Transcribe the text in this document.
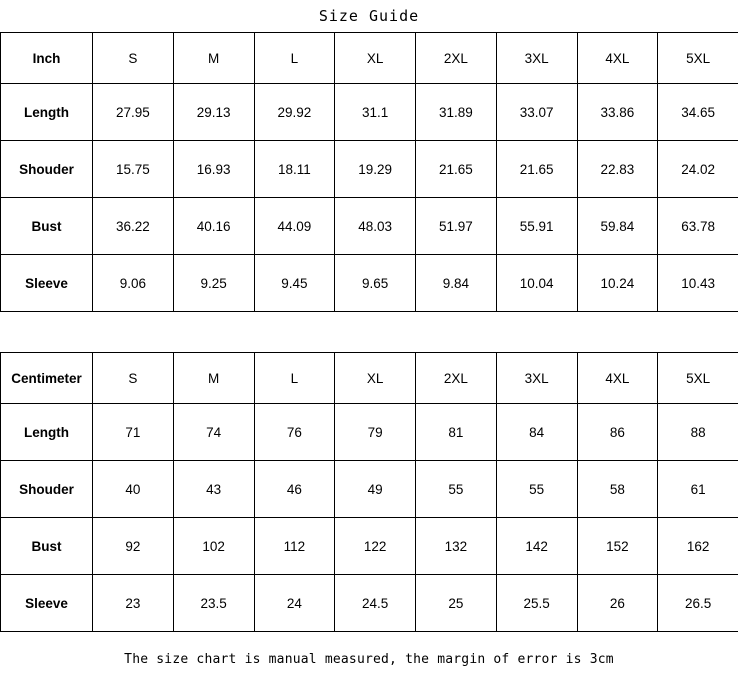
Size Guide
Inch	S	M	L	XL	2XL	3XL	4XL	5XL
Length	27.95	29.13	29.92	31.1	31.89	33.07	33.86	34.65
Shouder	15.75	16.93	18.11	19.29	21.65	21.65	22.83	24.02
Bust	36.22	40.16	44.09	48.03	51.97	55.91	59.84	63.78
Sleeve	9.06	9.25	9.45	9.65	9.84	10.04	10.24	10.43
Centimeter	S	M	L	XL	2XL	3XL	4XL	5XL
Length	71	74	76	79	81	84	86	88
Shouder	40	43	46	49	55	55	58	61
Bust	92	102	112	122	132	142	152	162
Sleeve	23	23.5	24	24.5	25	25.5	26	26.5
The size chart is manual measured, the margin of error is 3cm
